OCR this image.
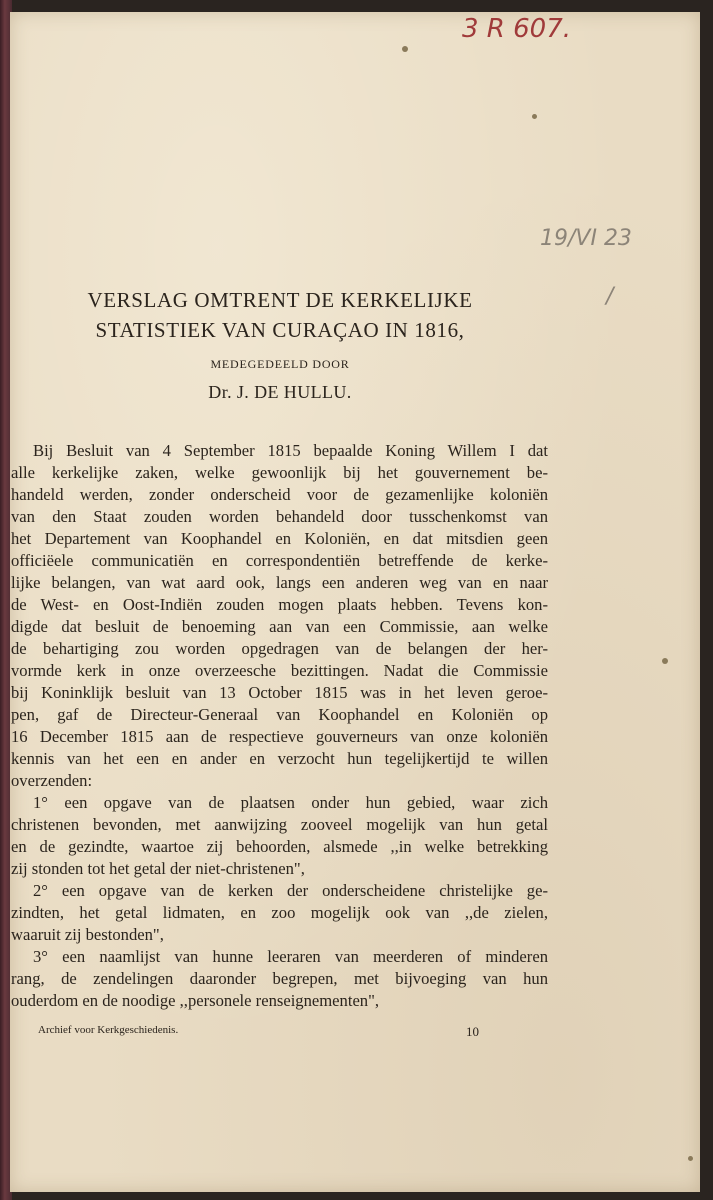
3 R 607.
19/VI 23
/
VERSLAG OMTRENT DE KERKELIJKE
STATISTIEK VAN CURAÇAO IN 1816,
MEDEGEDEELD DOOR
Dr. J. DE HULLU.
Bij Besluit van 4 September 1815 bepaalde Koning Willem I dat
alle kerkelijke zaken, welke gewoonlijk bij het gouvernement be-
handeld werden, zonder onderscheid voor de gezamenlijke koloniën
van den Staat zouden worden behandeld door tusschenkomst van
het Departement van Koophandel en Koloniën, en dat mitsdien geen
officiëele communicatiën en correspondentiën betreffende de kerke-
lijke belangen, van wat aard ook, langs een anderen weg van en naar
de West- en Oost-Indiën zouden mogen plaats hebben. Tevens kon-
digde dat besluit de benoeming aan van een Commissie, aan welke
de behartiging zou worden opgedragen van de belangen der her-
vormde kerk in onze overzeesche bezittingen. Nadat die Commissie
bij Koninklijk besluit van 13 October 1815 was in het leven geroe-
pen, gaf de Directeur-Generaal van Koophandel en Koloniën op
16 December 1815 aan de respectieve gouverneurs van onze koloniën
kennis van het een en ander en verzocht hun tegelijkertijd te willen
overzenden:
1° een opgave van de plaatsen onder hun gebied, waar zich
christenen bevonden, met aanwijzing zooveel mogelijk van hun getal
en de gezindte, waartoe zij behoorden, alsmede ,,in welke betrekking
zij stonden tot het getal der niet-christenen",
2° een opgave van de kerken der onderscheidene christelijke ge-
zindten, het getal lidmaten, en zoo mogelijk ook van ,,de zielen,
waaruit zij bestonden",
3° een naamlijst van hunne leeraren van meerderen of minderen
rang, de zendelingen daaronder begrepen, met bijvoeging van hun
ouderdom en de noodige ,,personele renseignementen",
Archief voor Kerkgeschiedenis.	10
